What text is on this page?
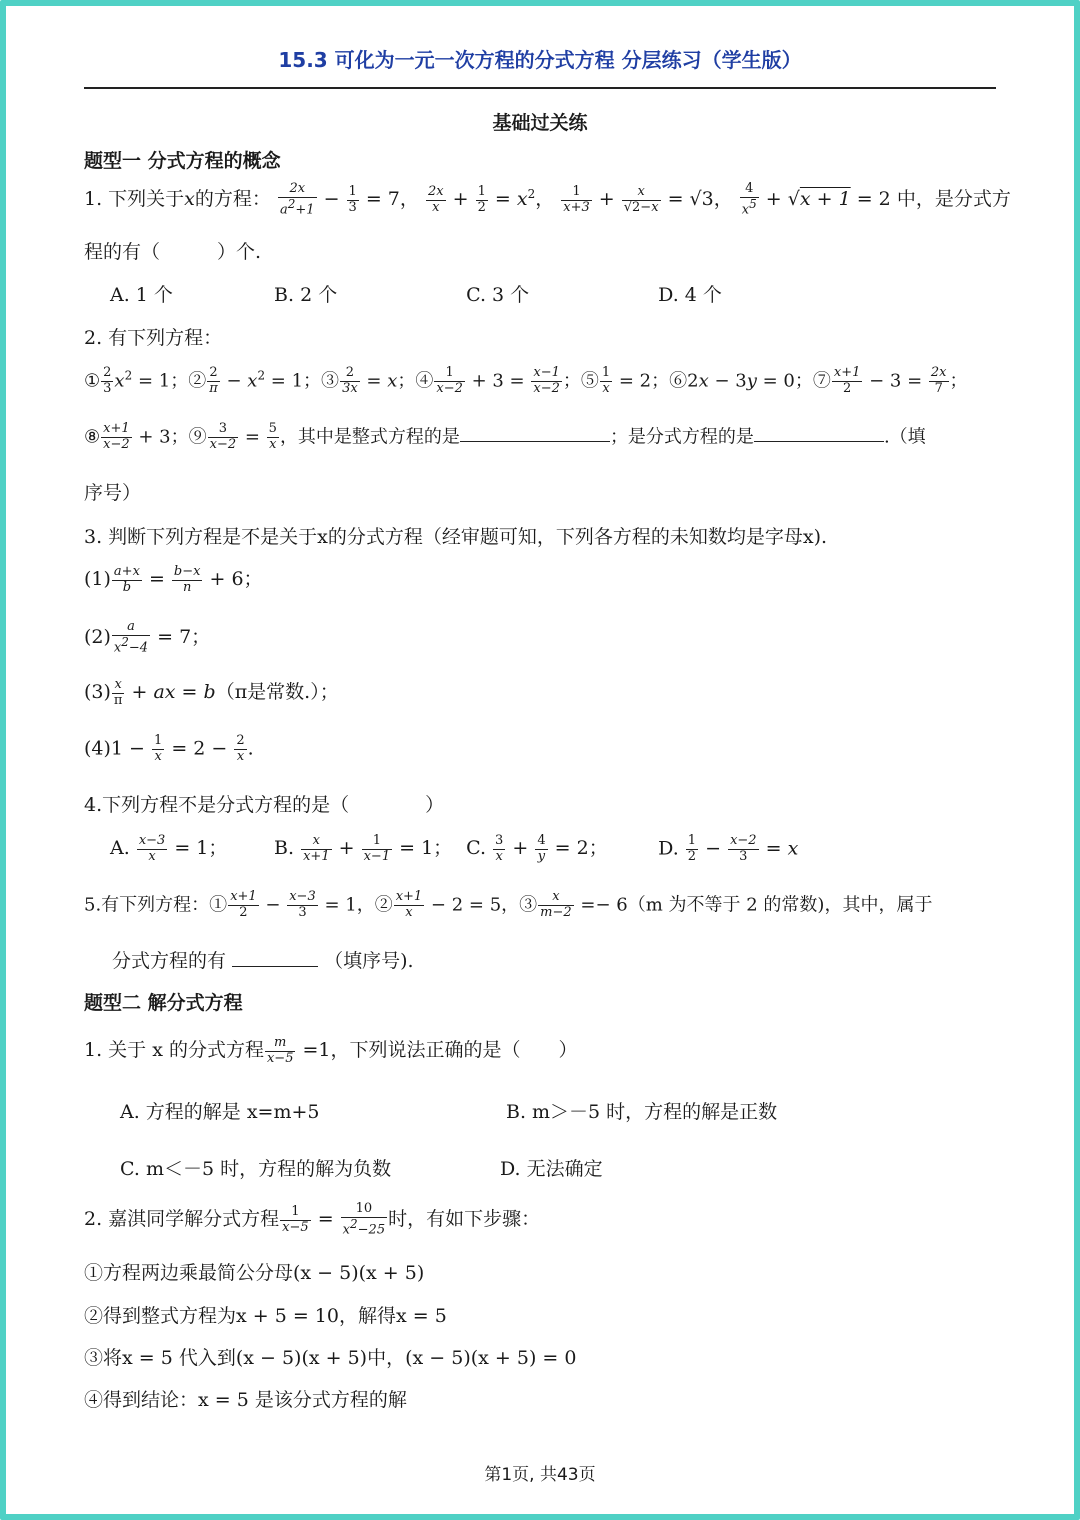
15.3 可化为一元一次方程的分式方程 分层练习（学生版）
基础过关练
题型一 分式方程的概念
1. 下列关于x的方程： $\frac{2x}{a^2+1} - \frac{1}{3} = 7$， $\frac{2x}{x} + \frac{1}{2} = x^2$， $\frac{1}{x+3} + \frac{x}{√2-x} = √3$， $\frac{4}{x^5} + √x + 1 = 2$ 中，是分式方
程的有（　　　）个.
A. 1 个	B. 2 个	C. 3 个	D. 4 个
2. 有下列方程：
① $\frac{2}{3} x^2 = 1$；② $\frac{2}{\pi} - x^2 = 1$；③ $\frac{2}{3x} = x$；④ $\frac{1}{x-2} + 3 = \frac{x-1}{x-2}$ ；⑤ $\frac{1}{x} = 2$；⑥2x − 3y = 0；⑦ $\frac{x+1}{2} - 3 = \frac{2x}{7}$ ；
⑧ $\frac{x+1}{x-2} + 3$；⑨ $\frac{3}{x-2} = \frac{5}{x}$ ，其中是整式方程的是	；是分式方程的是	.（填
序号）
3. 判断下列方程是不是关于x的分式方程（经审题可知，下列各方程的未知数均是字母x).
$(1) \frac{a+x}{b} = \frac{b-x}{n} + 6$；
$(2) \frac{a}{x^2-4} = 7$；
$(3) \frac{x}{\pi}$ + ax = b（π是常数.）；
$(4)1 - \frac{1}{x} = 2 - \frac{2}{x}$ .
4.下列方程不是分式方程的是（　　　　）
A. $\frac{x-3}{x} = 1$； B. $\frac{x}{x+1} + \frac{1}{x-1} = 1$； C. $\frac{3}{x} + \frac{4}{y} = 2$；	D. $\frac{1}{2} - \frac{x-2}{3} = x$
5.有下列方程：① $\frac{x+1}{2} - \frac{x-3}{3} = 1$，② $\frac{x+1}{x} - 2 = 5$，③ $\frac{x}{m-2} =- 6(m$ 为不等于 2 的常数)，其中，属于
分式方程的有	（填序号).
题型二 解分式方程
1. 关于 x 的分式方程 $\frac{m}{x-5} =1$，下列说法正确的是（　　）
A. 方程的解是 x=m+5	B. m＞－5 时，方程的解是正数
C. m＜－5 时，方程的解为负数	D. 无法确定
2. 嘉淇同学解分式方程 $\frac{1}{x-5} = \frac{10}{x^2-25}$ 时，有如下步骤：
①方程两边乘最简公分母(x − 5)(x + 5)
②得到整式方程为x + 5 = 10，解得x = 5
③将x = 5 代入到(x − 5)(x + 5)中，(x − 5)(x + 5) = 0
④得到结论：x = 5 是该分式方程的解
第1页, 共43页
